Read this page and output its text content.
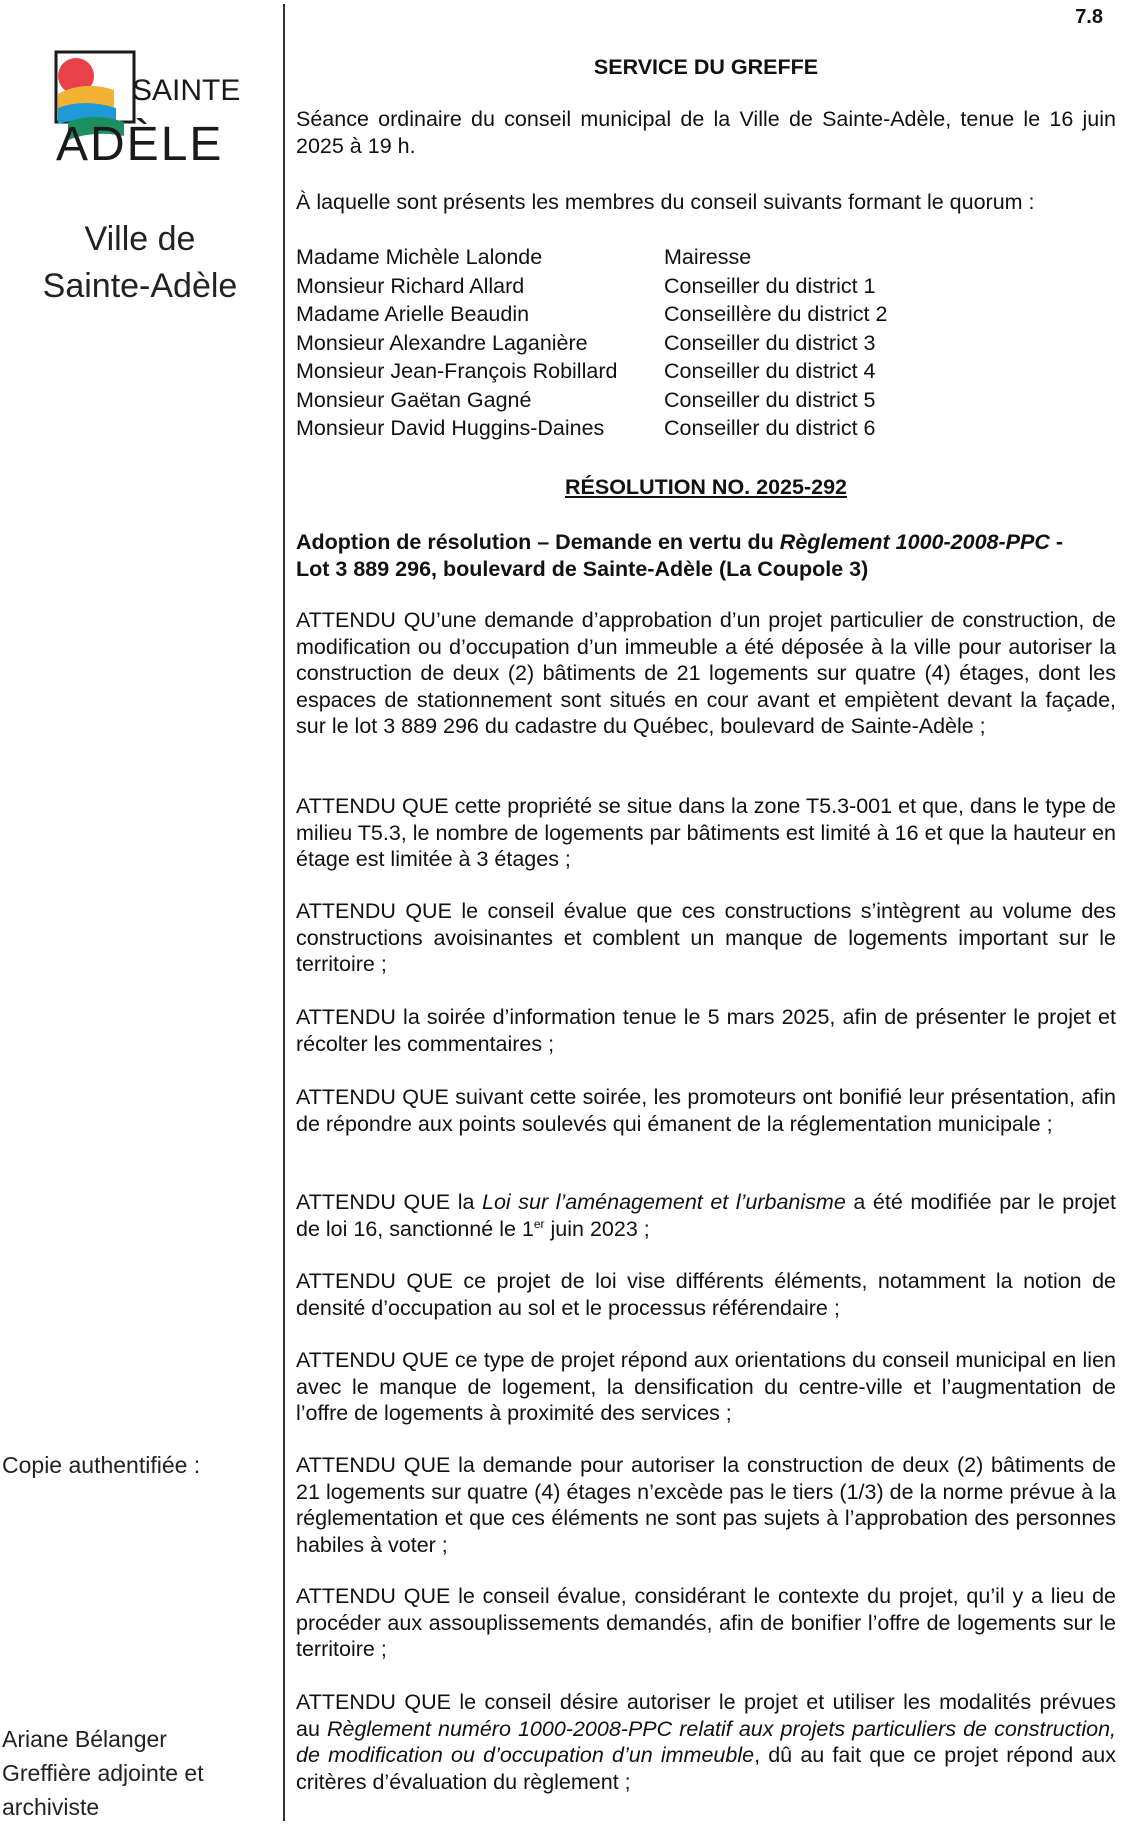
7.8
SAINTE
ADÈLE
Ville de
Sainte-Adèle
Copie authentifiée :
Ariane Bélanger
Greffière adjointe et
archiviste
SERVICE DU GREFFE
Séance ordinaire du conseil municipal de la Ville de Sainte-Adèle, tenue le 16 juin 2025 à 19 h.
À laquelle sont présents les membres du conseil suivants formant le quorum :
Madame Michèle Lalonde	Mairesse
Monsieur Richard Allard	Conseiller du district 1
Madame Arielle Beaudin	Conseillère du district 2
Monsieur Alexandre Laganière	Conseiller du district 3
Monsieur Jean-François Robillard	Conseiller du district 4
Monsieur Gaëtan Gagné	Conseiller du district 5
Monsieur David Huggins-Daines	Conseiller du district 6
RÉSOLUTION NO. 2025-292
Adoption de résolution – Demande en vertu du Règlement 1000-2008-PPC -
Lot 3 889 296, boulevard de Sainte-Adèle (La Coupole 3)
ATTENDU QU’une demande d’approbation d’un projet particulier de construction, de modification ou d’occupation d’un immeuble a été déposée à la ville pour autoriser la construction de deux (2) bâtiments de 21 logements sur quatre (4) étages, dont les espaces de stationnement sont situés en cour avant et empiètent devant la façade, sur le lot 3 889 296 du cadastre du Québec, boulevard de Sainte-Adèle ;
ATTENDU QUE cette propriété se situe dans la zone T5.3-001 et que, dans le type de milieu T5.3, le nombre de logements par bâtiments est limité à 16 et que la hauteur en étage est limitée à 3 étages ;
ATTENDU QUE le conseil évalue que ces constructions s’intègrent au volume des constructions avoisinantes et comblent un manque de logements important sur le territoire ;
ATTENDU la soirée d’information tenue le 5 mars 2025, afin de présenter le projet et récolter les commentaires ;
ATTENDU QUE suivant cette soirée, les promoteurs ont bonifié leur présentation, afin de répondre aux points soulevés qui émanent de la réglementation municipale ;
ATTENDU QUE la Loi sur l’aménagement et l’urbanisme a été modifiée par le projet de loi 16, sanctionné le 1er juin 2023 ;
ATTENDU QUE ce projet de loi vise différents éléments, notamment la notion de densité d’occupation au sol et le processus référendaire ;
ATTENDU QUE ce type de projet répond aux orientations du conseil municipal en lien avec le manque de logement, la densification du centre-ville et l’augmentation de l’offre de logements à proximité des services ;
ATTENDU QUE la demande pour autoriser la construction de deux (2) bâtiments de 21 logements sur quatre (4) étages n’excède pas le tiers (1/3) de la norme prévue à la réglementation et que ces éléments ne sont pas sujets à l’approbation des personnes habiles à voter ;
ATTENDU QUE le conseil évalue, considérant le contexte du projet, qu’il y a lieu de procéder aux assouplissements demandés, afin de bonifier l’offre de logements sur le territoire ;
ATTENDU QUE le conseil désire autoriser le projet et utiliser les modalités prévues au Règlement numéro 1000-2008-PPC relatif aux projets particuliers de construction, de modification ou d’occupation d’un immeuble, dû au fait que ce projet répond aux critères d’évaluation du règlement ;
